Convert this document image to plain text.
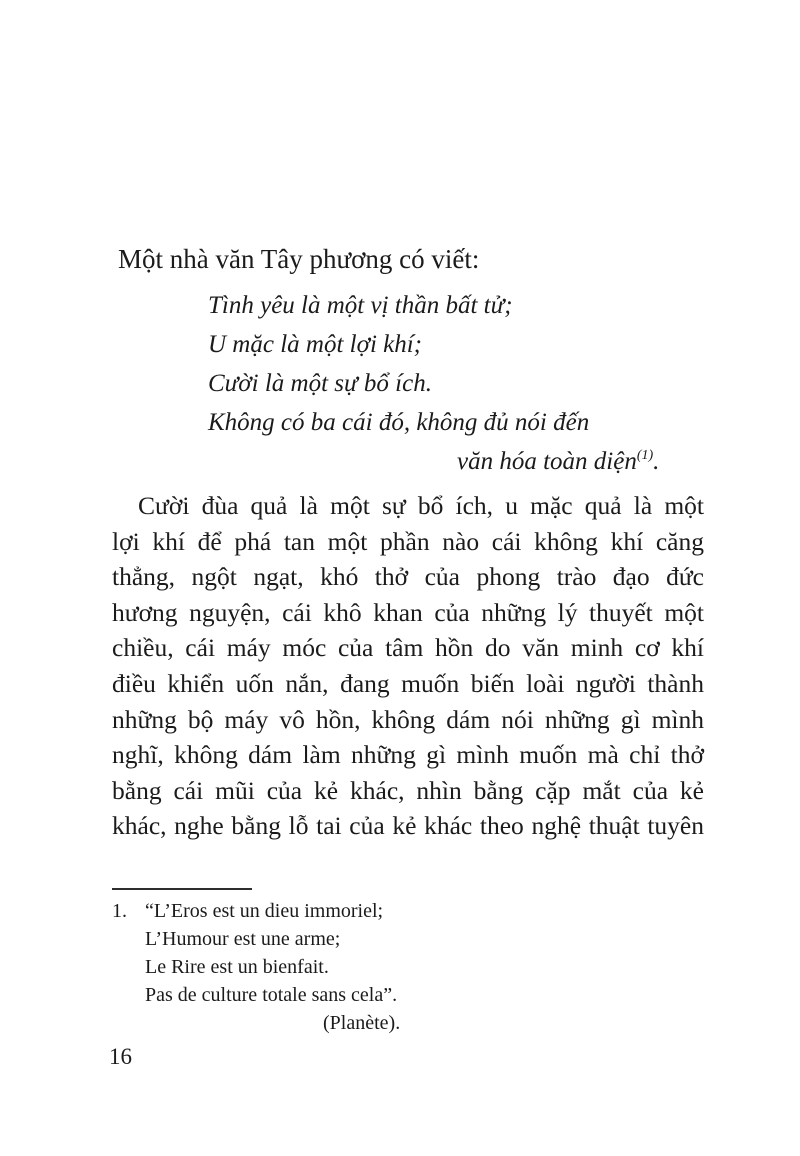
Một nhà văn Tây phương có viết:
Tình yêu là một vị thần bất tử;
U mặc là một lợi khí;
Cười là một sự bổ ích.
Không có ba cái đó, không đủ nói đến
văn hóa toàn diện$^{(1)}$.
Cười đùa quả là một sự bổ ích, u mặc quả là một
lợi khí để phá tan một phần nào cái không khí căng
thẳng, ngột ngạt, khó thở của phong trào đạo đức
hương nguyện, cái khô khan của những lý thuyết một
chiều, cái máy móc của tâm hồn do văn minh cơ khí
điều khiển uốn nắn, đang muốn biến loài người thành
những bộ máy vô hồn, không dám nói những gì mình
nghĩ, không dám làm những gì mình muốn mà chỉ thở
bằng cái mũi của kẻ khác, nhìn bằng cặp mắt của kẻ
khác, nghe bằng lỗ tai của kẻ khác theo nghệ thuật tuyên
1. “L’Eros est un dieu immoriel;
L’Humour est une arme;
Le Rire est un bienfait.
Pas de culture totale sans cela”.
(Planète).
16
